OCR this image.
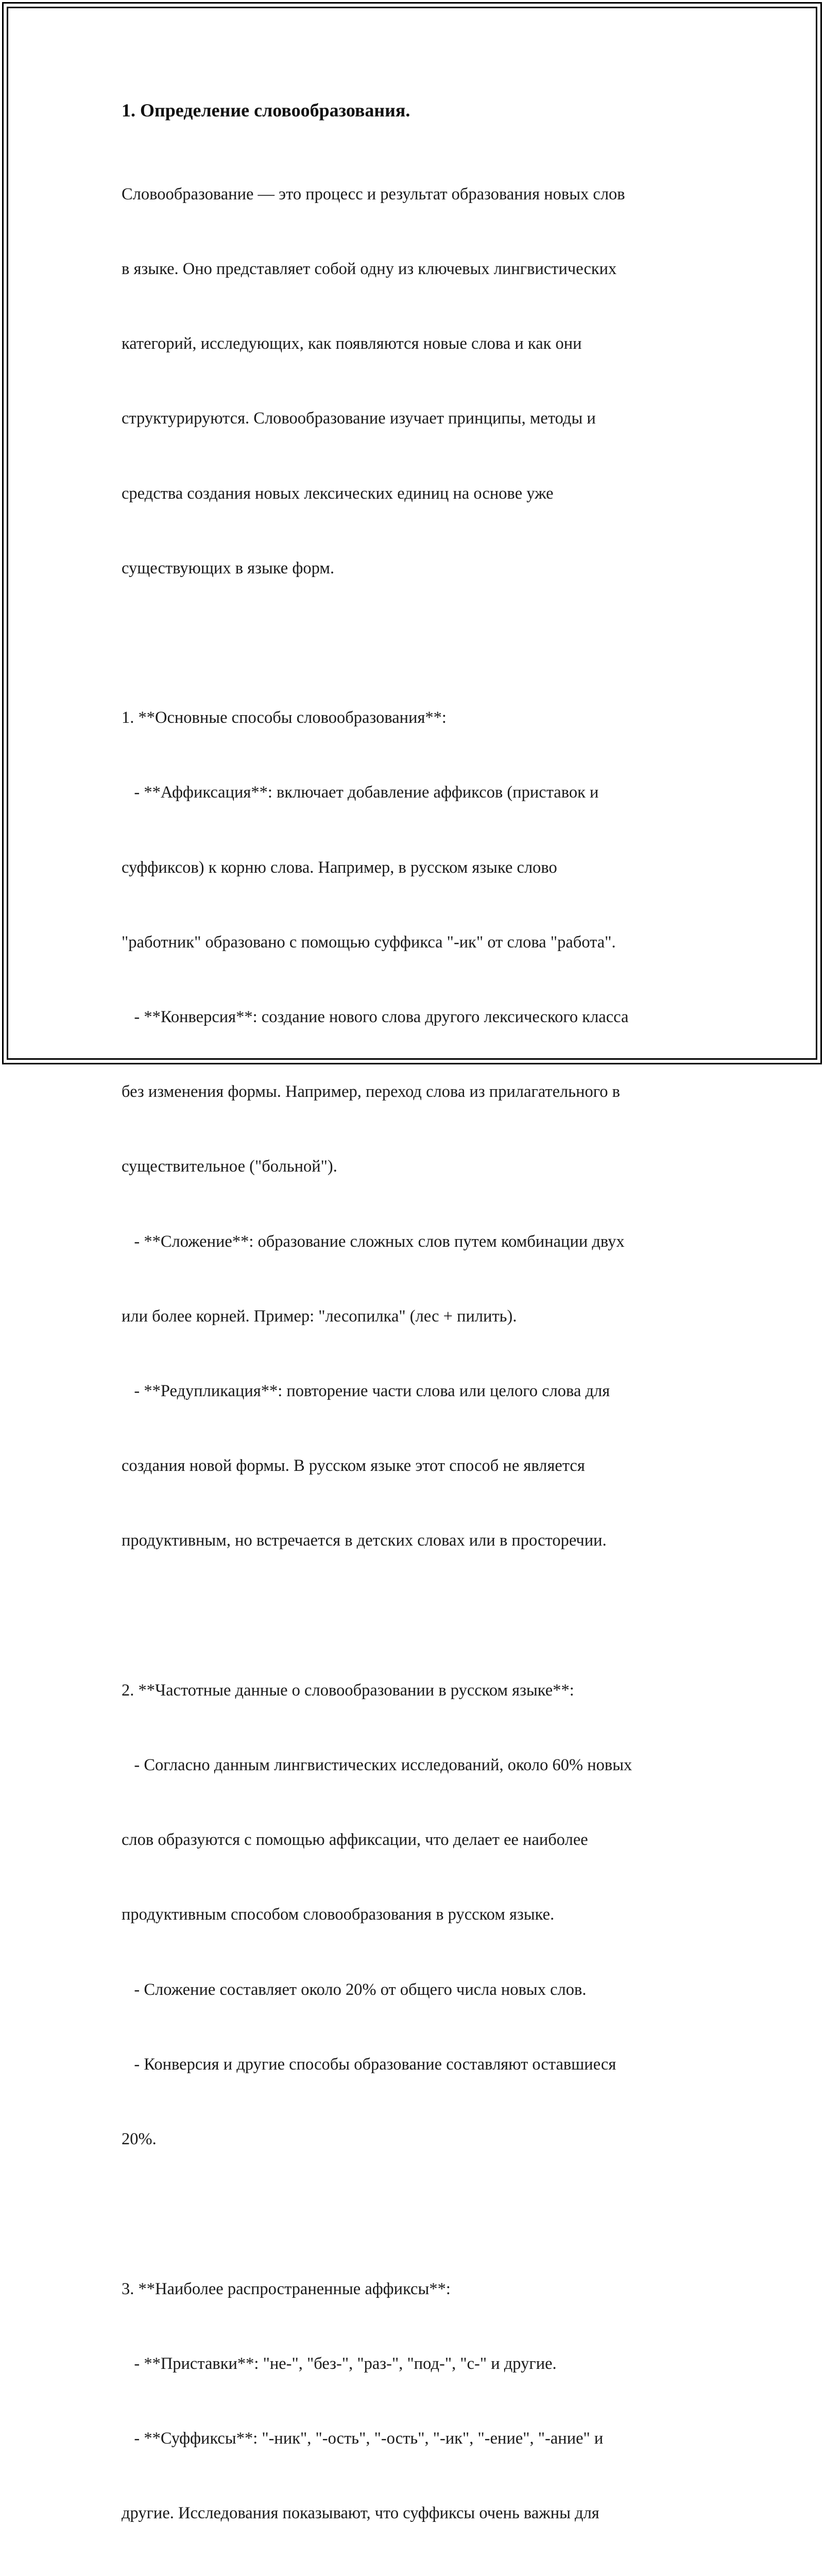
1. Определение словообразования.

Словообразование — это процесс и результат образования новых слов

в языке. Оно представляет собой одну из ключевых лингвистических

категорий, исследующих, как появляются новые слова и как они

структурируются. Словообразование изучает принципы, методы и

средства создания новых лексических единиц на основе уже

существующих в языке форм.

1. **Основные способы словообразования**:

- **Аффиксация**: включает добавление аффиксов (приставок и

суффиксов) к корню слова. Например, в русском языке слово

"работник" образовано с помощью суффикса "-ик" от слова "работа".

- **Конверсия**: создание нового слова другого лексического класса

без изменения формы. Например, переход слова из прилагательного в

существительное ("больной").

- **Сложение**: образование сложных слов путем комбинации двух

или более корней. Пример: "лесопилка" (лес + пилить).

- **Редупликация**: повторение части слова или целого слова для

создания новой формы. В русском языке этот способ не является

продуктивным, но встречается в детских словах или в просторечии.

2. **Частотные данные о словообразовании в русском языке**:

- Согласно данным лингвистических исследований, около 60% новых

слов образуются с помощью аффиксации, что делает ее наиболее

продуктивным способом словообразования в русском языке.

- Сложение составляет около 20% от общего числа новых слов.

- Конверсия и другие способы образование составляют оставшиеся

20%.

3. **Наиболее распространенные аффиксы**:

- **Приставки**: "не-", "без-", "раз-", "под-", "с-" и другие.

- **Суффиксы**: "-ник", "-ость", "-ость", "-ик", "-ение", "-ание" и

другие. Исследования показывают, что суффиксы очень важны для
